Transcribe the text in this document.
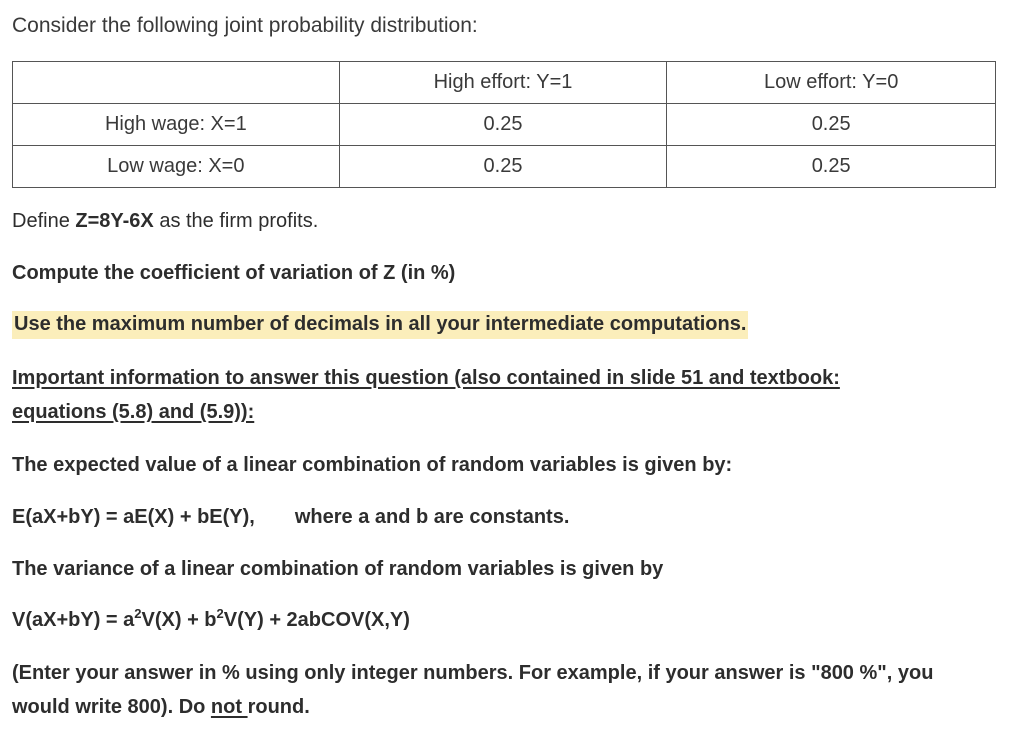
Consider the following joint probability distribution:
	High effort: Y=1	Low effort: Y=0
High wage: X=1	0.25	0.25
Low wage: X=0	0.25	0.25
Define Z=8Y-6X as the firm profits.
Compute the coefficient of variation of Z (in %)
Use the maximum number of decimals in all your intermediate computations.
Important information to answer this question (also contained in slide 51 and textbook:
equations (5.8) and (5.9)):
The expected value of a linear combination of random variables is given by:
E(aX+bY) = aE(X) + bE(Y), where a and b are constants.
The variance of a linear combination of random variables is given by
$V(aX+bY) = a^2V(X) + b^2V(Y)$ + 2abCOV(X,Y)
(Enter your answer in % using only integer numbers. For example, if your answer is "800 %", you
would write 800). Do not round.
